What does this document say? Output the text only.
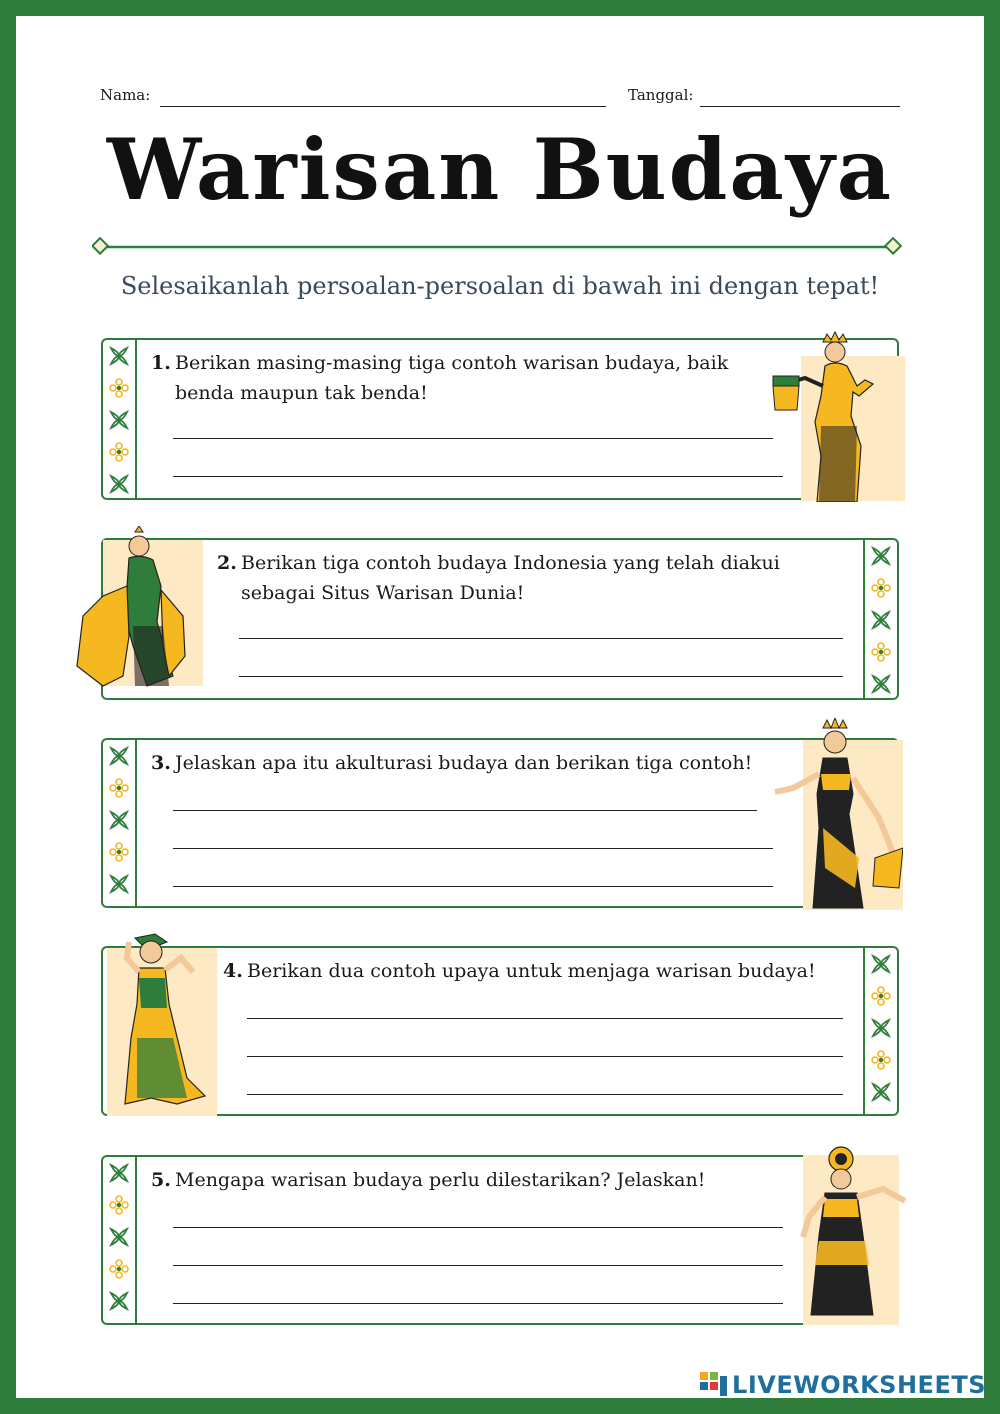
Nama:	Tanggal:
Warisan Budaya
Selesaikanlah persoalan-persoalan di bawah ini dengan tepat!
1. Berikan masing-masing tiga contoh warisan budaya, baik benda maupun tak benda!
2. Berikan tiga contoh budaya Indonesia yang telah diakui sebagai Situs Warisan Dunia!
3. Jelaskan apa itu akulturasi budaya dan berikan tiga contoh!
4. Berikan dua contoh upaya untuk menjaga warisan budaya!
5. Mengapa warisan budaya perlu dilestarikan? Jelaskan!
LIVEWORKSHEETS
